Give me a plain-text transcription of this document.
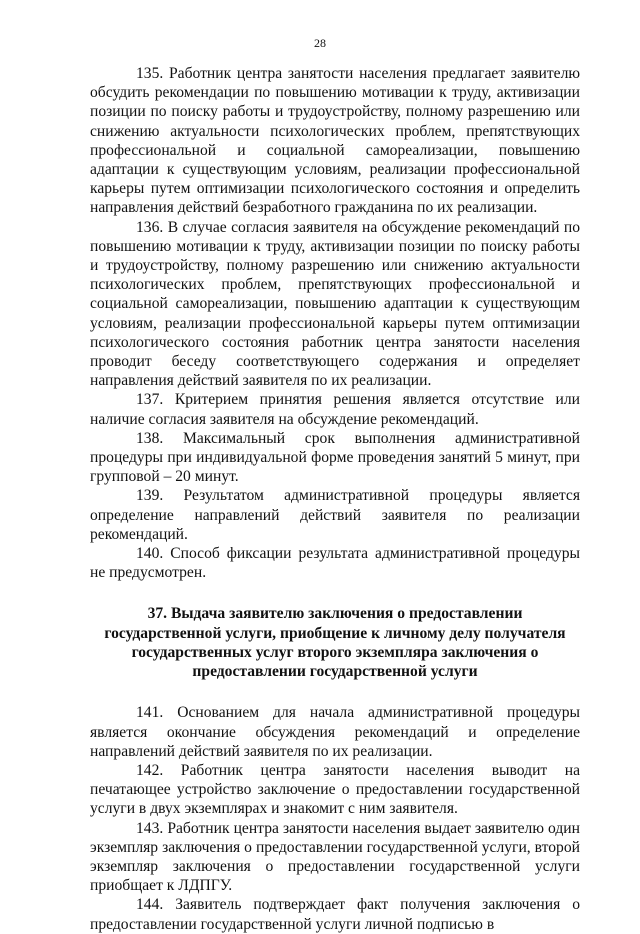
28

135. Работник центра занятости населения предлагает заявителю обсудить рекомендации по повышению мотивации к труду, активизации позиции по поиску работы и трудоустройству, полному разрешению или снижению актуальности психологических проблем, препятствующих профессиональной и социальной самореализации, повышению адаптации к существующим условиям, реализации профессиональной карьеры путем оптимизации психологического состояния и определить направления действий безработного гражданина по их реализации.

136. В случае согласия заявителя на обсуждение рекомендаций по повышению мотивации к труду, активизации позиции по поиску работы и трудоустройству, полному разрешению или снижению актуальности психологических проблем, препятствующих профессиональной и социальной самореализации, повышению адаптации к существующим условиям, реализации профессиональной карьеры путем оптимизации психологического состояния работник центра занятости населения проводит беседу соответствующего содержания и определяет направления действий заявителя по их реализации.

137. Критерием принятия решения является отсутствие или наличие согласия заявителя на обсуждение рекомендаций.

138. Максимальный срок выполнения административной процедуры при индивидуальной форме проведения занятий 5 минут, при групповой – 20 минут.

139. Результатом административной процедуры является определение направлений действий заявителя по реализации рекомендаций.

140. Способ фиксации результата административной процедуры не предусмотрен.

37. Выдача заявителю заключения о предоставлении государственной услуги, приобщение к личному делу получателя государственных услуг второго экземпляра заключения о предоставлении государственной услуги

141. Основанием для начала административной процедуры является окончание обсуждения рекомендаций и определение направлений действий заявителя по их реализации.

142. Работник центра занятости населения выводит на печатающее устройство заключение о предоставлении государственной услуги в двух экземплярах и знакомит с ним заявителя.

143. Работник центра занятости населения выдает заявителю один экземпляр заключения о предоставлении государственной услуги, второй экземпляр заключения о предоставлении государственной услуги приобщает к ЛДПГУ.

144. Заявитель подтверждает факт получения заключения о предоставлении государственной услуги личной подписью в
